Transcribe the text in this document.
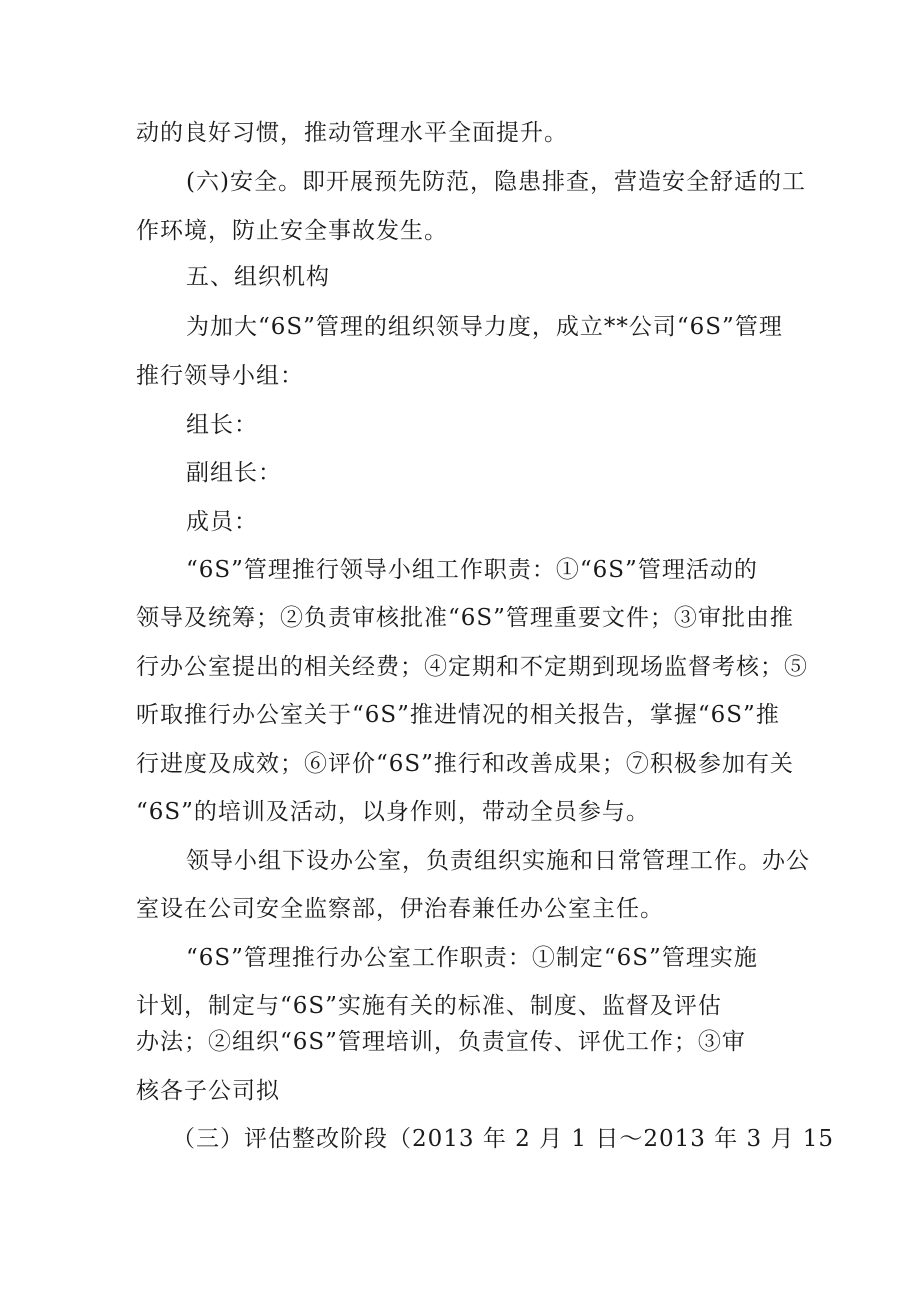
动的良好习惯，推动管理水平全面提升。
(六)安全。即开展预先防范，隐患排查，营造安全舒适的工
作环境，防止安全事故发生。
五、组织机构
为加大“6S”管理的组织领导力度，成立**公司“6S”管理
推行领导小组：
组长：
副组长：
成员：
“6S”管理推行领导小组工作职责：①“6S”管理活动的
领导及统筹；②负责审核批准“6S”管理重要文件；③审批由推
行办公室提出的相关经费；④定期和不定期到现场监督考核；⑤
听取推行办公室关于“6S”推进情况的相关报告，掌握“6S”推
行进度及成效；⑥评价“6S”推行和改善成果；⑦积极参加有关
“6S”的培训及活动，以身作则，带动全员参与。
领导小组下设办公室，负责组织实施和日常管理工作。办公
室设在公司安全监察部，伊治春兼任办公室主任。
“6S”管理推行办公室工作职责：①制定“6S”管理实施
计划，制定与“6S”实施有关的标准、制度、监督及评估
办法；②组织“6S”管理培训，负责宣传、评优工作；③审
核各子公司拟
（三）评估整改阶段（2013 年 2 月 1 日～2013 年 3 月 15
